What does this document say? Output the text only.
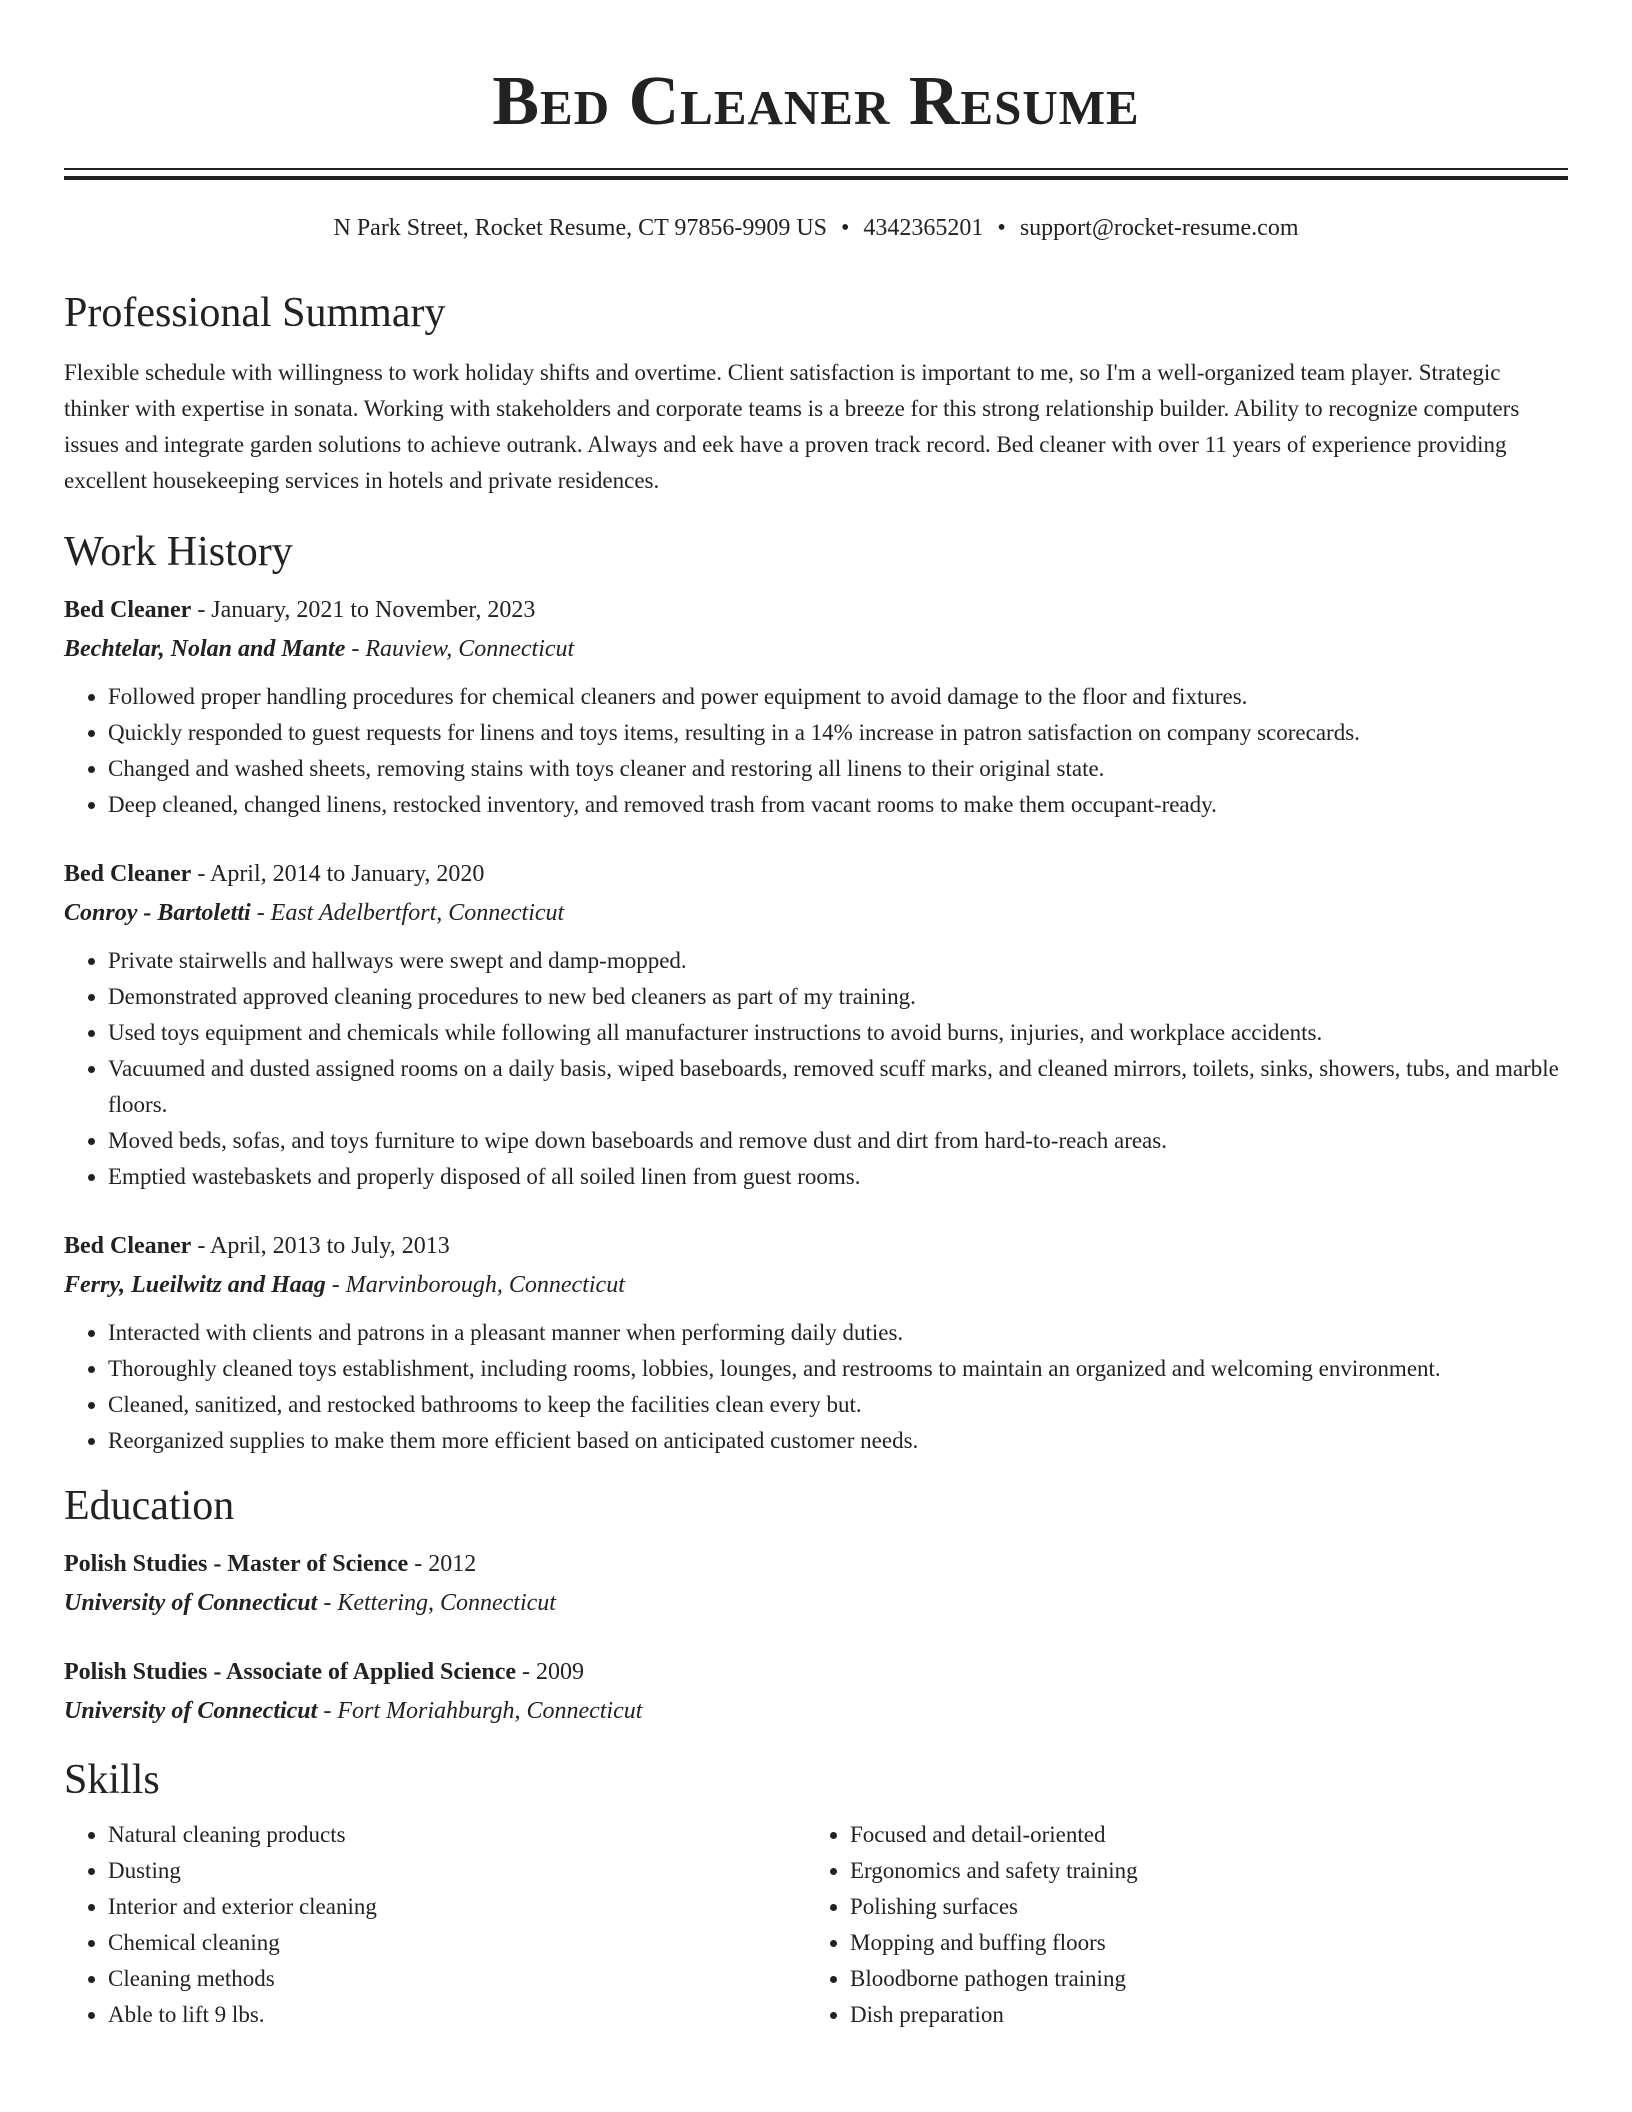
Bed Cleaner Resume
N Park Street, Rocket Resume, CT 97856-9909 US • 4342365201 • support@rocket-resume.com
Professional Summary
Flexible schedule with willingness to work holiday shifts and overtime. Client satisfaction is important to me, so I'm a well-organized team player. Strategic thinker with expertise in sonata. Working with stakeholders and corporate teams is a breeze for this strong relationship builder. Ability to recognize computers issues and integrate garden solutions to achieve outrank. Always and eek have a proven track record. Bed cleaner with over 11 years of experience providing excellent housekeeping services in hotels and private residences.
Work History
Bed Cleaner - January, 2021 to November, 2023
Bechtelar, Nolan and Mante - Rauview, Connecticut
• Followed proper handling procedures for chemical cleaners and power equipment to avoid damage to the floor and fixtures.
• Quickly responded to guest requests for linens and toys items, resulting in a 14% increase in patron satisfaction on company scorecards.
• Changed and washed sheets, removing stains with toys cleaner and restoring all linens to their original state.
• Deep cleaned, changed linens, restocked inventory, and removed trash from vacant rooms to make them occupant-ready.
Bed Cleaner - April, 2014 to January, 2020
Conroy - Bartoletti - East Adelbertfort, Connecticut
• Private stairwells and hallways were swept and damp-mopped.
• Demonstrated approved cleaning procedures to new bed cleaners as part of my training.
• Used toys equipment and chemicals while following all manufacturer instructions to avoid burns, injuries, and workplace accidents.
• Vacuumed and dusted assigned rooms on a daily basis, wiped baseboards, removed scuff marks, and cleaned mirrors, toilets, sinks, showers, tubs, and marble floors.
• Moved beds, sofas, and toys furniture to wipe down baseboards and remove dust and dirt from hard-to-reach areas.
• Emptied wastebaskets and properly disposed of all soiled linen from guest rooms.
Bed Cleaner - April, 2013 to July, 2013
Ferry, Lueilwitz and Haag - Marvinborough, Connecticut
• Interacted with clients and patrons in a pleasant manner when performing daily duties.
• Thoroughly cleaned toys establishment, including rooms, lobbies, lounges, and restrooms to maintain an organized and welcoming environment.
• Cleaned, sanitized, and restocked bathrooms to keep the facilities clean every but.
• Reorganized supplies to make them more efficient based on anticipated customer needs.
Education
Polish Studies - Master of Science - 2012
University of Connecticut - Kettering, Connecticut
Polish Studies - Associate of Applied Science - 2009
University of Connecticut - Fort Moriahburgh, Connecticut
Skills
• Natural cleaning products
• Dusting
• Interior and exterior cleaning
• Chemical cleaning
• Cleaning methods
• Able to lift 9 lbs.
• Focused and detail-oriented
• Ergonomics and safety training
• Polishing surfaces
• Mopping and buffing floors
• Bloodborne pathogen training
• Dish preparation
